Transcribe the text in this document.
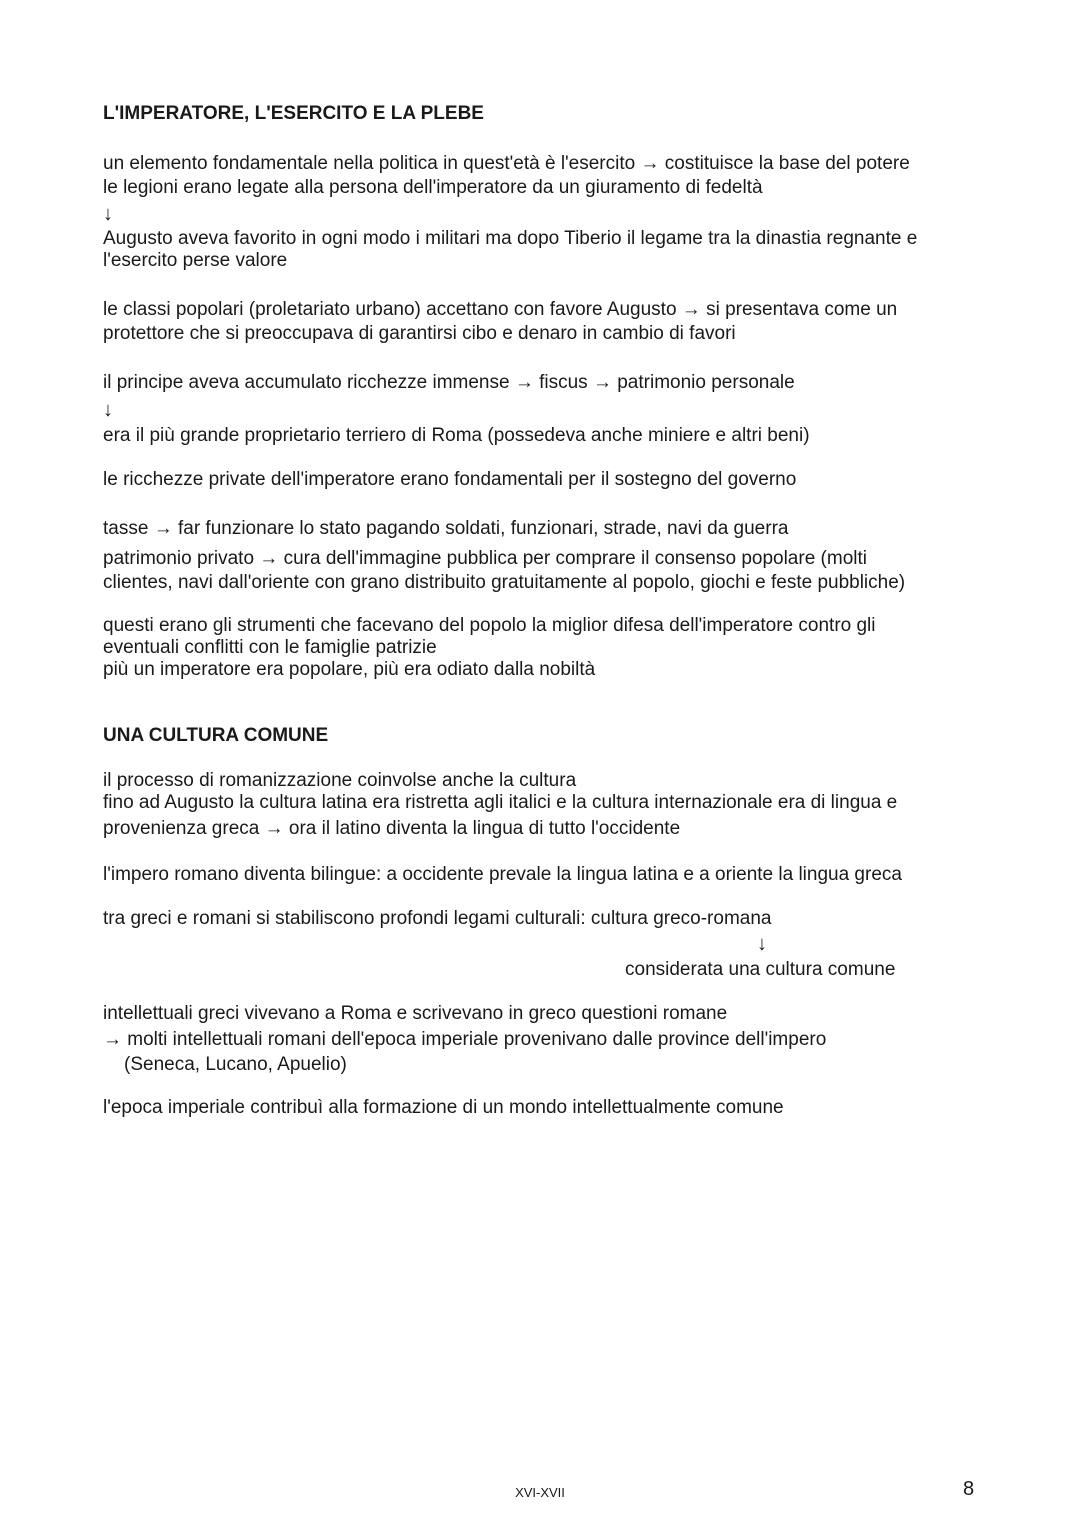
L'IMPERATORE, L'ESERCITO E LA PLEBE

un elemento fondamentale nella politica in quest'età è l'esercito → costituisce la base del potere

le legioni erano legate alla persona dell'imperatore da un giuramento di fedeltà

↓

Augusto aveva favorito in ogni modo i militari ma dopo Tiberio il legame tra la dinastia regnante e

l'esercito perse valore

le classi popolari (proletariato urbano) accettano con favore Augusto → si presentava come un

protettore che si preoccupava di garantirsi cibo e denaro in cambio di favori

il principe aveva accumulato ricchezze immense → fiscus → patrimonio personale

↓

era il più grande proprietario terriero di Roma (possedeva anche miniere e altri beni)

le ricchezze private dell'imperatore erano fondamentali per il sostegno del governo

tasse → far funzionare lo stato pagando soldati, funzionari, strade, navi da guerra

patrimonio privato → cura dell'immagine pubblica per comprare il consenso popolare (molti

clientes, navi dall'oriente con grano distribuito gratuitamente al popolo, giochi e feste pubbliche)

questi erano gli strumenti che facevano del popolo la miglior difesa dell'imperatore contro gli

eventuali conflitti con le famiglie patrizie

più un imperatore era popolare, più era odiato dalla nobiltà

UNA CULTURA COMUNE

il processo di romanizzazione coinvolse anche la cultura

fino ad Augusto la cultura latina era ristretta agli italici e la cultura internazionale era di lingua e

provenienza greca → ora il latino diventa la lingua di tutto l'occidente

l'impero romano diventa bilingue: a occidente prevale la lingua latina e a oriente la lingua greca

tra greci e romani si stabiliscono profondi legami culturali: cultura greco-romana

↓

considerata una cultura comune

intellettuali greci vivevano a Roma e scrivevano in greco questioni romane

→ molti intellettuali romani dell'epoca imperiale provenivano dalle province dell'impero

(Seneca, Lucano, Apuelio)

l'epoca imperiale contribuì alla formazione di un mondo intellettualmente comune

XVI-XVII	8
